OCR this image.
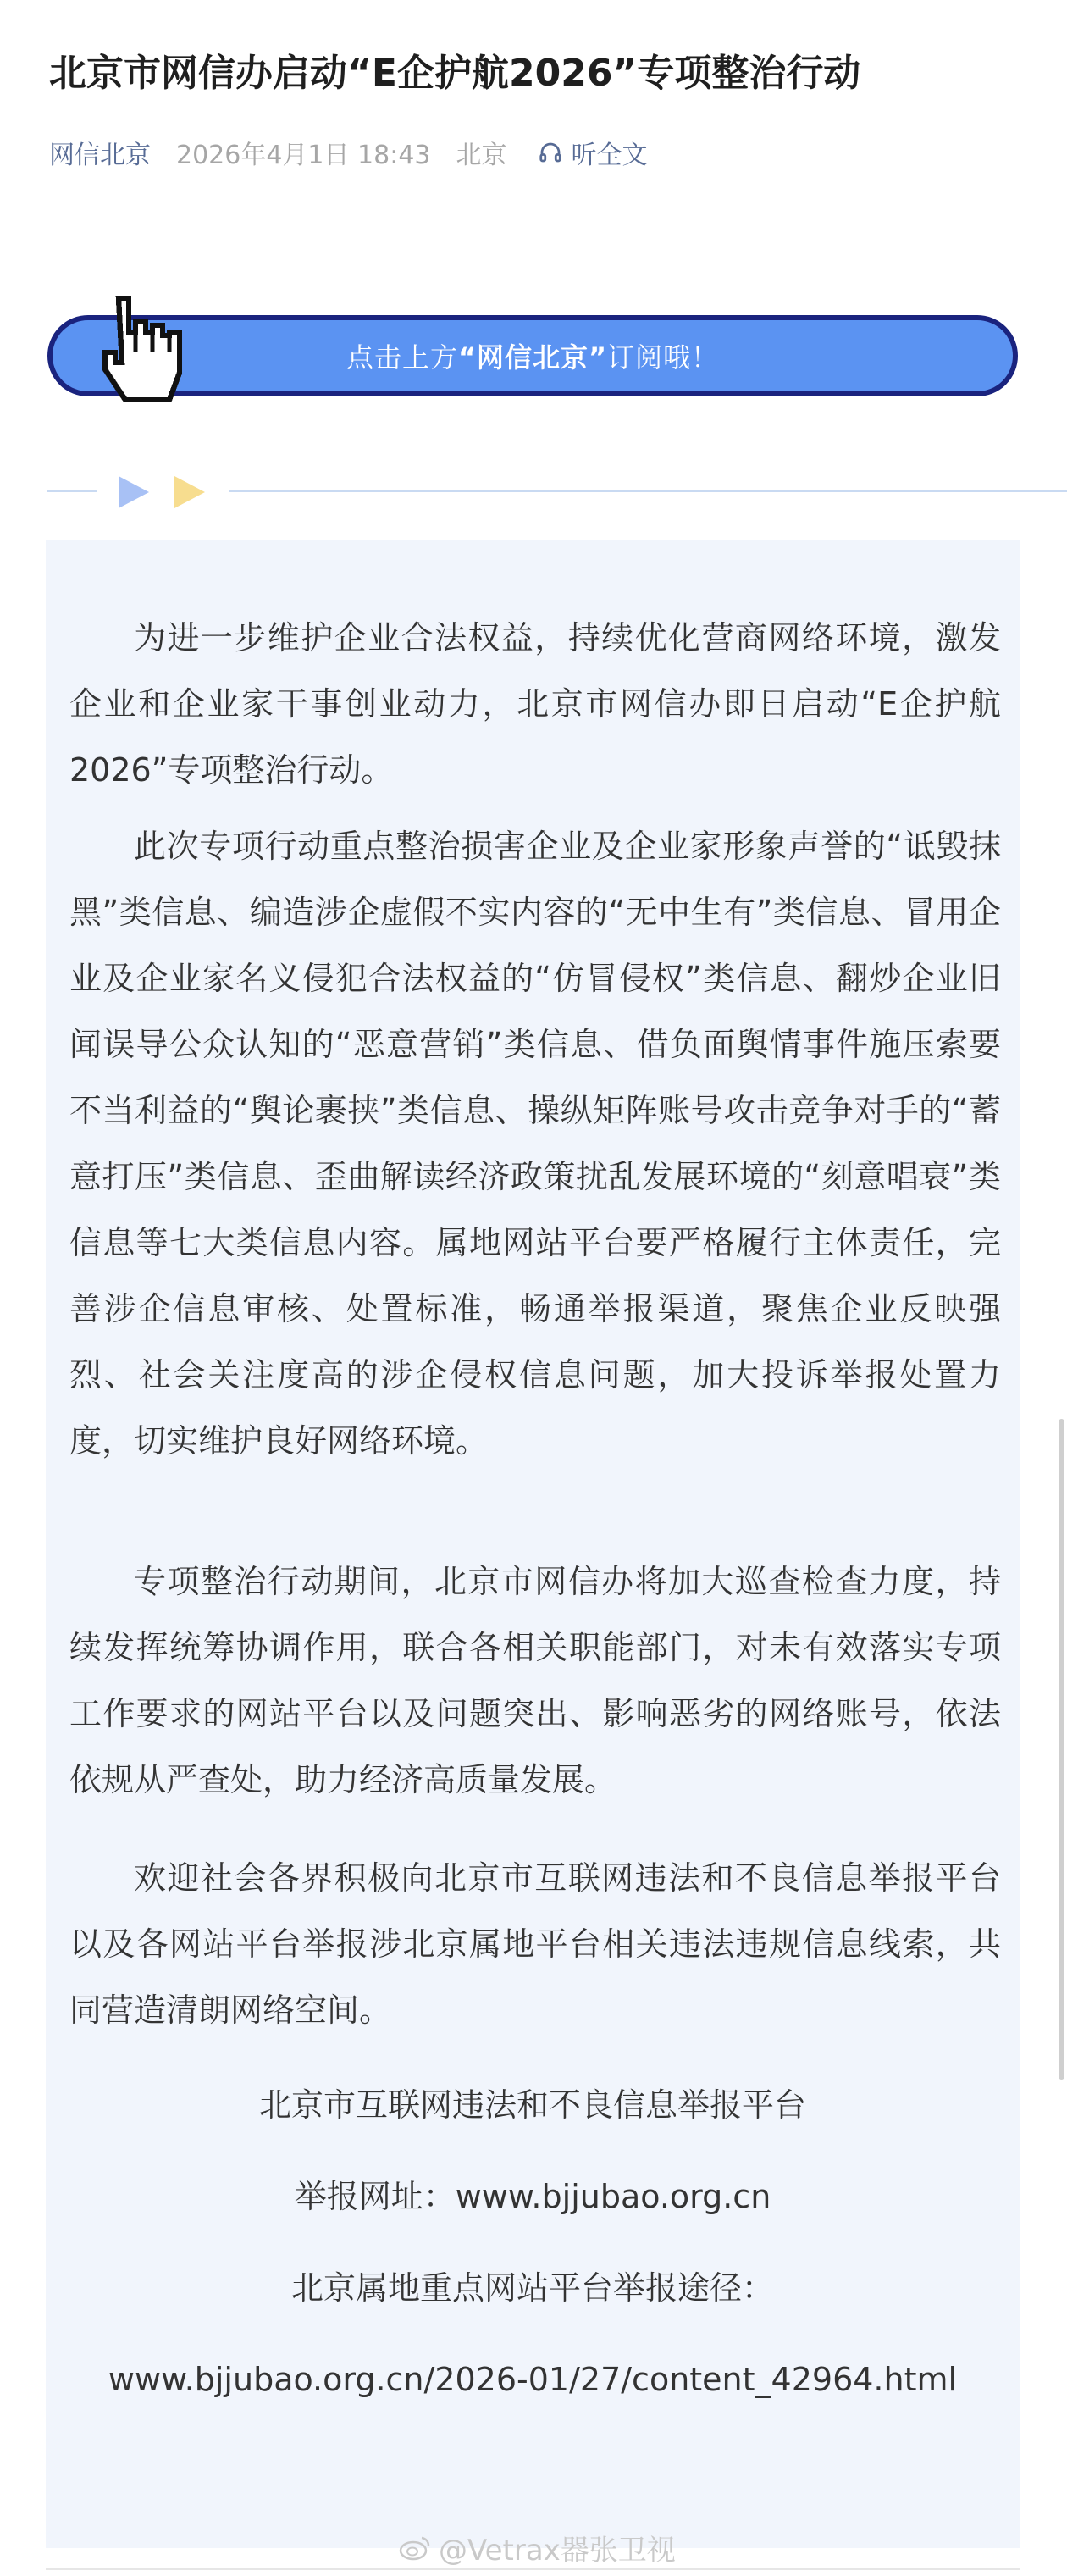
北京市网信办启动“E企护航2026”专项整治行动
网信北京 2026年4月1日 18:43 北京	听全文
点击上方 “网信北京” 订阅哦！

为进一步维护企业合法权益，持续优化营商网络环境，激发企业和企业家干事创业动力，北京市网信办即日启动“E企护航2026”专项整治行动。

此次专项行动重点整治损害企业及企业家形象声誉的“诋毁抹黑”类信息、编造涉企虚假不实内容的“无中生有”类信息、冒用企业及企业家名义侵犯合法权益的“仿冒侵权”类信息、翻炒企业旧闻误导公众认知的“恶意营销”类信息、借负面舆情事件施压索要不当利益的“舆论裹挟”类信息、操纵矩阵账号攻击竞争对手的“蓄意打压”类信息、歪曲解读经济政策扰乱发展环境的“刻意唱衰”类信息等七大类信息内容。属地网站平台要严格履行主体责任，完善涉企信息审核、处置标准，畅通举报渠道，聚焦企业反映强烈、社会关注度高的涉企侵权信息问题，加大投诉举报处置力度，切实维护良好网络环境。

专项整治行动期间，北京市网信办将加大巡查检查力度，持续发挥统筹协调作用，联合各相关职能部门，对未有效落实专项工作要求的网站平台以及问题突出、影响恶劣的网络账号，依法依规从严查处，助力经济高质量发展。

欢迎社会各界积极向北京市互联网违法和不良信息举报平台以及各网站平台举报涉北京属地平台相关违法违规信息线索，共同营造清朗网络空间。

北京市互联网违法和不良信息举报平台

举报网址：www.bjjubao.org.cn

北京属地重点网站平台举报途径：

www.bjjubao.org.cn/2026-01/27/content_42964.html

@Vetrax器张卫视
